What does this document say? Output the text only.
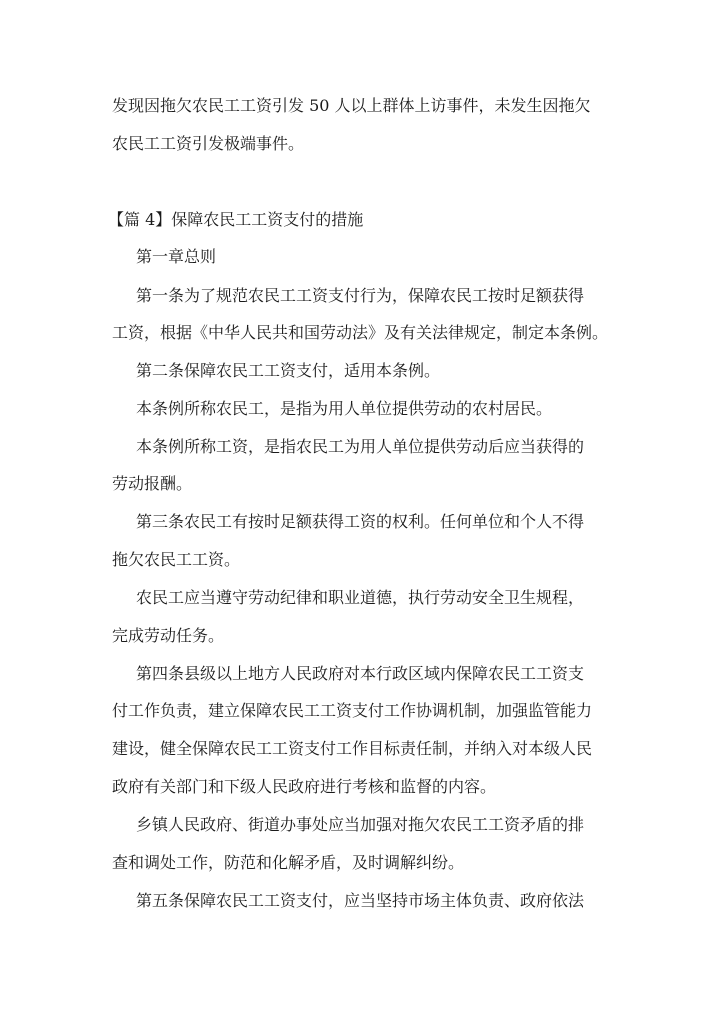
发现因拖欠农民工工资引发 50 人以上群体上访事件，未发生因拖欠
农民工工资引发极端事件。
【篇 4】保障农民工工资支付的措施
第一章总则
第一条为了规范农民工工资支付行为，保障农民工按时足额获得
工资，根据《中华人民共和国劳动法》及有关法律规定，制定本条例。
第二条保障农民工工资支付，适用本条例。
本条例所称农民工，是指为用人单位提供劳动的农村居民。
本条例所称工资，是指农民工为用人单位提供劳动后应当获得的
劳动报酬。
第三条农民工有按时足额获得工资的权利。任何单位和个人不得
拖欠农民工工资。
农民工应当遵守劳动纪律和职业道德，执行劳动安全卫生规程，
完成劳动任务。
第四条县级以上地方人民政府对本行政区域内保障农民工工资支
付工作负责，建立保障农民工工资支付工作协调机制，加强监管能力
建设，健全保障农民工工资支付工作目标责任制，并纳入对本级人民
政府有关部门和下级人民政府进行考核和监督的内容。
乡镇人民政府、街道办事处应当加强对拖欠农民工工资矛盾的排
查和调处工作，防范和化解矛盾，及时调解纠纷。
第五条保障农民工工资支付，应当坚持市场主体负责、政府依法
